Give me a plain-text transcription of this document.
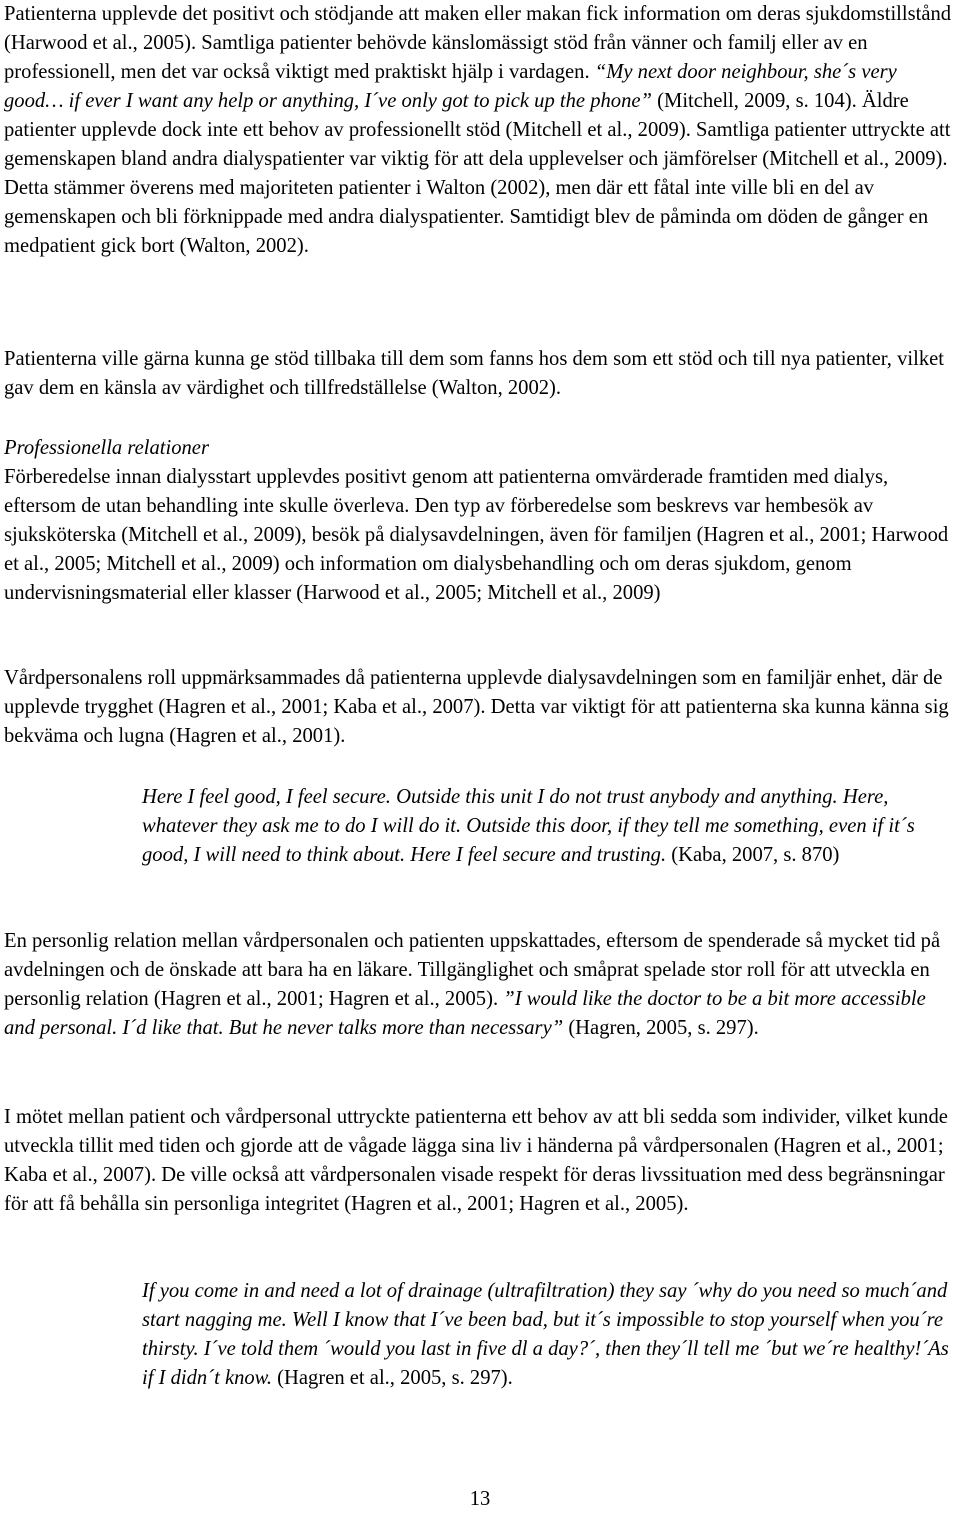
Patienterna upplevde det positivt och stödjande att maken eller makan fick information om deras sjukdomstillstånd (Harwood et al., 2005). Samtliga patienter behövde känslomässigt stöd från vänner och familj eller av en professionell, men det var också viktigt med praktiskt hjälp i vardagen. “My next door neighbour, she´s very good… if ever I want any help or anything, I´ve only got to pick up the phone” (Mitchell, 2009, s. 104). Äldre patienter upplevde dock inte ett behov av professionellt stöd (Mitchell et al., 2009). Samtliga patienter uttryckte att gemenskapen bland andra dialyspatienter var viktig för att dela upplevelser och jämförelser (Mitchell et al., 2009). Detta stämmer överens med majoriteten patienter i Walton (2002), men där ett fåtal inte ville bli en del av gemenskapen och bli förknippade med andra dialyspatienter. Samtidigt blev de påminda om döden de gånger en medpatient gick bort (Walton, 2002).

Patienterna ville gärna kunna ge stöd tillbaka till dem som fanns hos dem som ett stöd och till nya patienter, vilket gav dem en känsla av värdighet och tillfredställelse (Walton, 2002).

Professionella relationer

Förberedelse innan dialysstart upplevdes positivt genom att patienterna omvärderade framtiden med dialys, eftersom de utan behandling inte skulle överleva. Den typ av förberedelse som beskrevs var hembesök av sjuksköterska (Mitchell et al., 2009), besök på dialysavdelningen, även för familjen (Hagren et al., 2001; Harwood et al., 2005; Mitchell et al., 2009) och information om dialysbehandling och om deras sjukdom, genom undervisningsmaterial eller klasser (Harwood et al., 2005; Mitchell et al., 2009)

Vårdpersonalens roll uppmärksammades då patienterna upplevde dialysavdelningen som en familjär enhet, där de upplevde trygghet (Hagren et al., 2001; Kaba et al., 2007). Detta var viktigt för att patienterna ska kunna känna sig bekväma och lugna (Hagren et al., 2001).

Here I feel good, I feel secure. Outside this unit I do not trust anybody and anything. Here, whatever they ask me to do I will do it. Outside this door, if they tell me something, even if it´s good, I will need to think about. Here I feel secure and trusting. (Kaba, 2007, s. 870)

En personlig relation mellan vårdpersonalen och patienten uppskattades, eftersom de spenderade så mycket tid på avdelningen och de önskade att bara ha en läkare. Tillgänglighet och småprat spelade stor roll för att utveckla en personlig relation (Hagren et al., 2001; Hagren et al., 2005). ”I would like the doctor to be a bit more accessible and personal. I´d like that. But he never talks more than necessary” (Hagren, 2005, s. 297).

I mötet mellan patient och vårdpersonal uttryckte patienterna ett behov av att bli sedda som individer, vilket kunde utveckla tillit med tiden och gjorde att de vågade lägga sina liv i händerna på vårdpersonalen (Hagren et al., 2001; Kaba et al., 2007). De ville också att vårdpersonalen visade respekt för deras livssituation med dess begränsningar för att få behålla sin personliga integritet (Hagren et al., 2001; Hagren et al., 2005).

If you come in and need a lot of drainage (ultrafiltration) they say ´why do you need so much´and start nagging me. Well I know that I´ve been bad, but it´s impossible to stop yourself when you´re thirsty. I´ve told them ´would you last in five dl a day?´, then they´ll tell me ´but we´re healthy!´As if I didn´t know. (Hagren et al., 2005, s. 297).

13
